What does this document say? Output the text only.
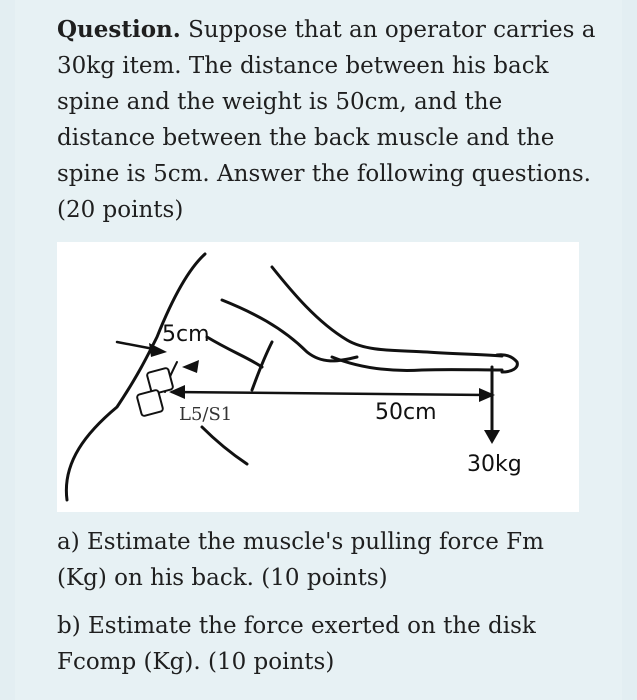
Question. Suppose that an operator carries a 30kg item. The distance between his back spine and the weight is 50cm, and the distance between the back muscle and the spine is 5cm. Answer the following questions. (20 points)
5cm
50cm
30kg
L5/S1
a) Estimate the muscle's pulling force Fm (Kg) on his back. (10 points)
b) Estimate the force exerted on the disk Fcomp (Kg). (10 points)
